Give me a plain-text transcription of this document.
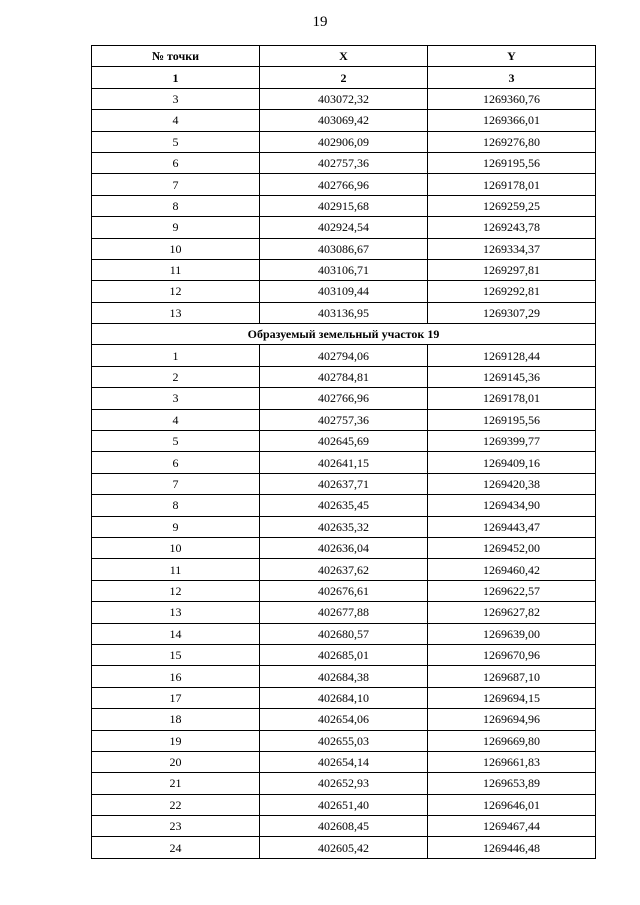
19
№ точки	X	Y
1	2	3
3	403072,32	1269360,76
4	403069,42	1269366,01
5	402906,09	1269276,80
6	402757,36	1269195,56
7	402766,96	1269178,01
8	402915,68	1269259,25
9	402924,54	1269243,78
10	403086,67	1269334,37
11	403106,71	1269297,81
12	403109,44	1269292,81
13	403136,95	1269307,29
Образуемый земельный участок 19		
1	402794,06	1269128,44
2	402784,81	1269145,36
3	402766,96	1269178,01
4	402757,36	1269195,56
5	402645,69	1269399,77
6	402641,15	1269409,16
7	402637,71	1269420,38
8	402635,45	1269434,90
9	402635,32	1269443,47
10	402636,04	1269452,00
11	402637,62	1269460,42
12	402676,61	1269622,57
13	402677,88	1269627,82
14	402680,57	1269639,00
15	402685,01	1269670,96
16	402684,38	1269687,10
17	402684,10	1269694,15
18	402654,06	1269694,96
19	402655,03	1269669,80
20	402654,14	1269661,83
21	402652,93	1269653,89
22	402651,40	1269646,01
23	402608,45	1269467,44
24	402605,42	1269446,48
